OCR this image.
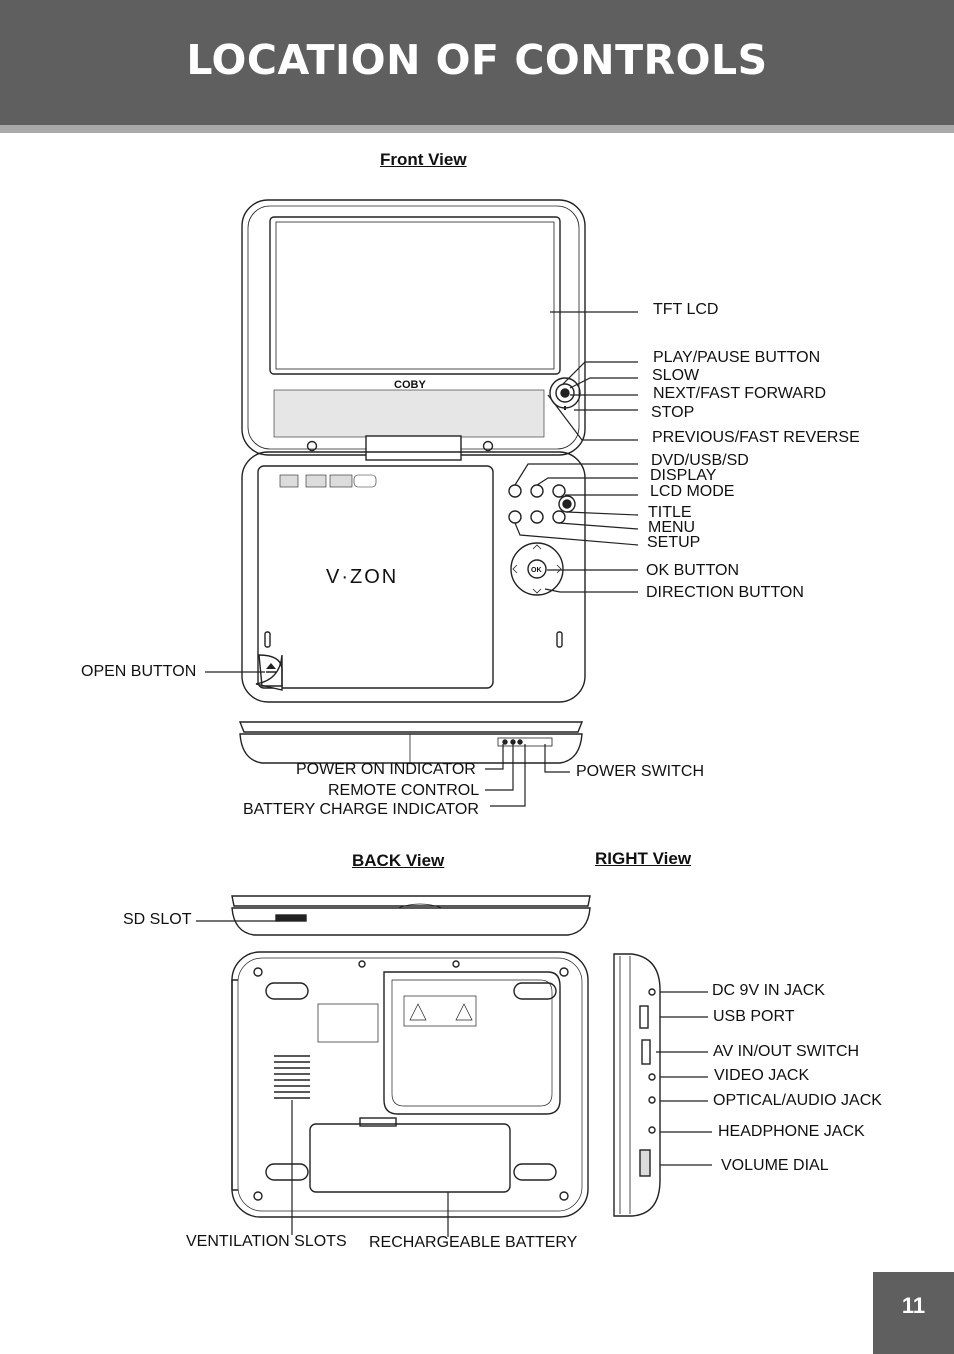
LOCATION OF CONTROLS
Front View
BACK View	RIGHT View
COBY
V·ZON	OK
TFT LCD
PLAY/PAUSE BUTTON
SLOW
NEXT/FAST FORWARD
STOP
PREVIOUS/FAST REVERSE
DVD/USB/SD
DISPLAY
LCD MODE
TITLE
MENU
SETUP
OK BUTTON
DIRECTION BUTTON
OPEN BUTTON
POWER ON INDICATOR
REMOTE CONTROL
BATTERY CHARGE INDICATOR
POWER SWITCH
SD SLOT
VENTILATION SLOTS RECHARGEABLE BATTERY
DC 9V IN JACK
USB PORT
AV IN/OUT SWITCH
VIDEO JACK
OPTICAL/AUDIO JACK
HEADPHONE JACK
VOLUME DIAL
11
